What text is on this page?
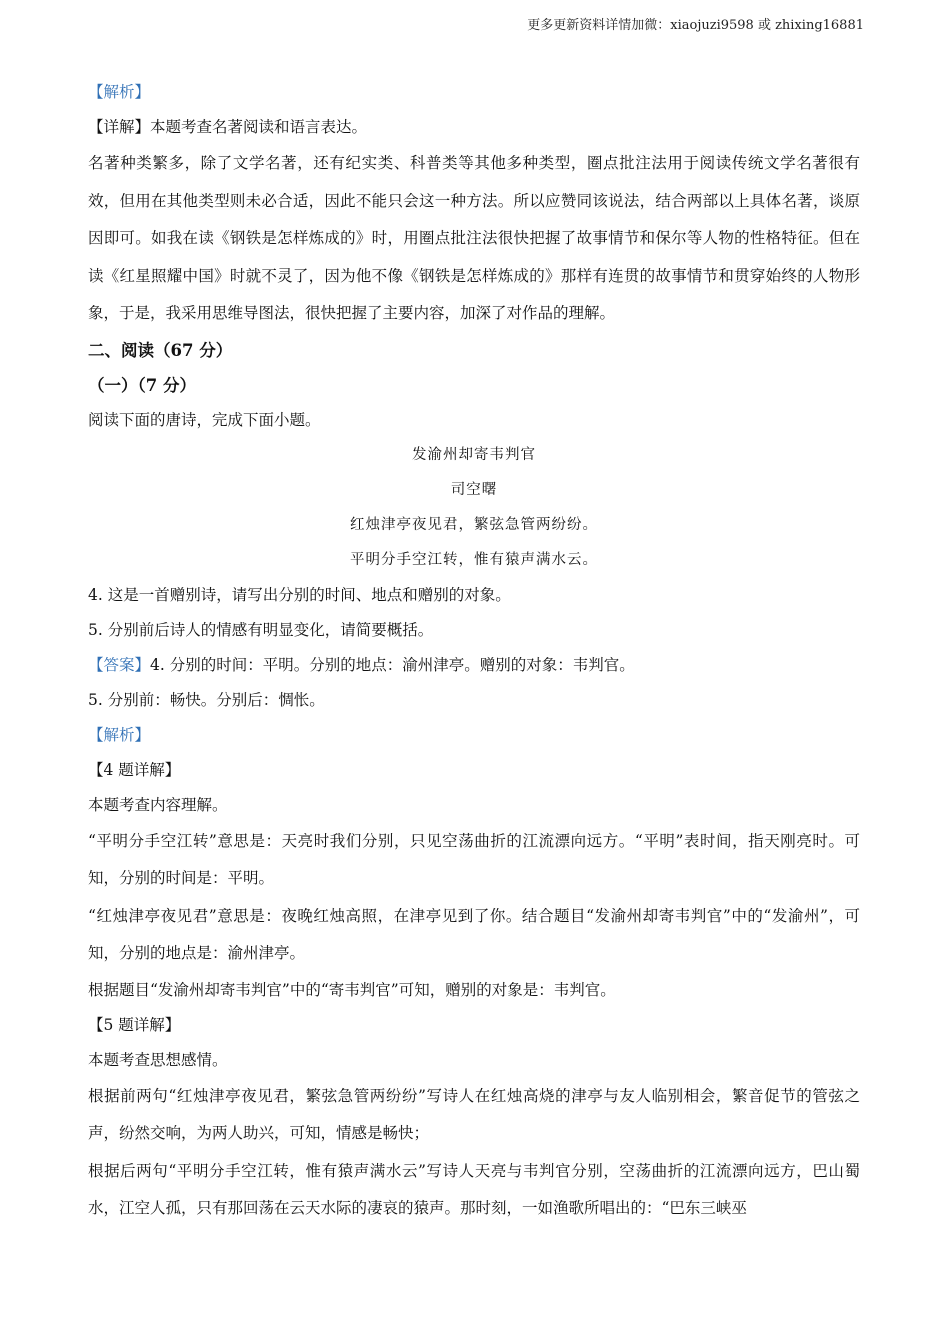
更多更新资料详情加微：xiaojuzi9598 或 zhixing16881
【解析】
【详解】本题考查名著阅读和语言表达。
名著种类繁多，除了文学名著，还有纪实类、科普类等其他多种类型，圈点批注法用于阅读传统文学名著很有效，但用在其他类型则未必合适，因此不能只会这一种方法。所以应赞同该说法，结合两部以上具体名著，谈原因即可。如我在读《钢铁是怎样炼成的》时，用圈点批注法很快把握了故事情节和保尔等人物的性格特征。但在读《红星照耀中国》时就不灵了，因为他不像《钢铁是怎样炼成的》那样有连贯的故事情节和贯穿始终的人物形象，于是，我采用思维导图法，很快把握了主要内容，加深了对作品的理解。
二、阅读（67 分）
（一）（7 分）
阅读下面的唐诗，完成下面小题。
发渝州却寄韦判官
司空曙
红烛津亭夜见君，繁弦急管两纷纷。
平明分手空江转，惟有猿声满水云。
4. 这是一首赠别诗，请写出分别的时间、地点和赠别的对象。
5. 分别前后诗人的情感有明显变化，请简要概括。
【答案】4. 分别的时间：平明。分别的地点：渝州津亭。赠别的对象：韦判官。
5. 分别前：畅快。分别后：惆怅。
【解析】
【4 题详解】
本题考查内容理解。
“平明分手空江转”意思是：天亮时我们分别，只见空荡曲折的江流漂向远方。“平明”表时间，指天刚亮时。可知，分别的时间是：平明。
“红烛津亭夜见君”意思是：夜晚红烛高照，在津亭见到了你。结合题目“发渝州却寄韦判官”中的“发渝州”，可知，分别的地点是：渝州津亭。
根据题目“发渝州却寄韦判官”中的“寄韦判官”可知，赠别的对象是：韦判官。
【5 题详解】
本题考查思想感情。
根据前两句“红烛津亭夜见君，繁弦急管两纷纷”写诗人在红烛高烧的津亭与友人临别相会，繁音促节的管弦之声，纷然交响，为两人助兴，可知，情感是畅快；
根据后两句“平明分手空江转，惟有猿声满水云”写诗人天亮与韦判官分别，空荡曲折的江流漂向远方，巴山蜀水，江空人孤，只有那回荡在云天水际的凄哀的猿声。那时刻，一如渔歌所唱出的：“巴东三峡巫
